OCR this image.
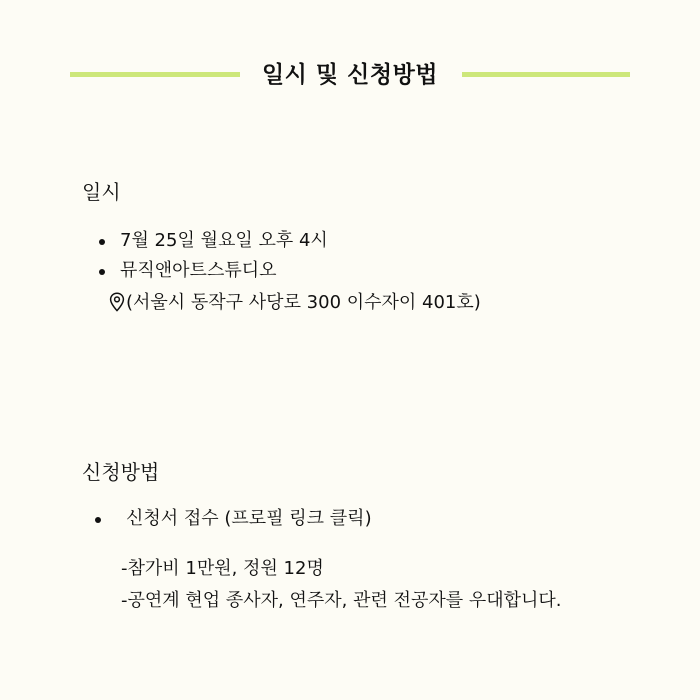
일시 및 신청방법
일시
7월 25일 월요일 오후 4시
뮤직앤아트스튜디오
(서울시 동작구 사당로 300 이수자이 401호)
신청방법
신청서 접수 (프로필 링크 클릭)
-참가비 1만원, 정원 12명
-공연계 현업 종사자, 연주자, 관련 전공자를 우대합니다.
